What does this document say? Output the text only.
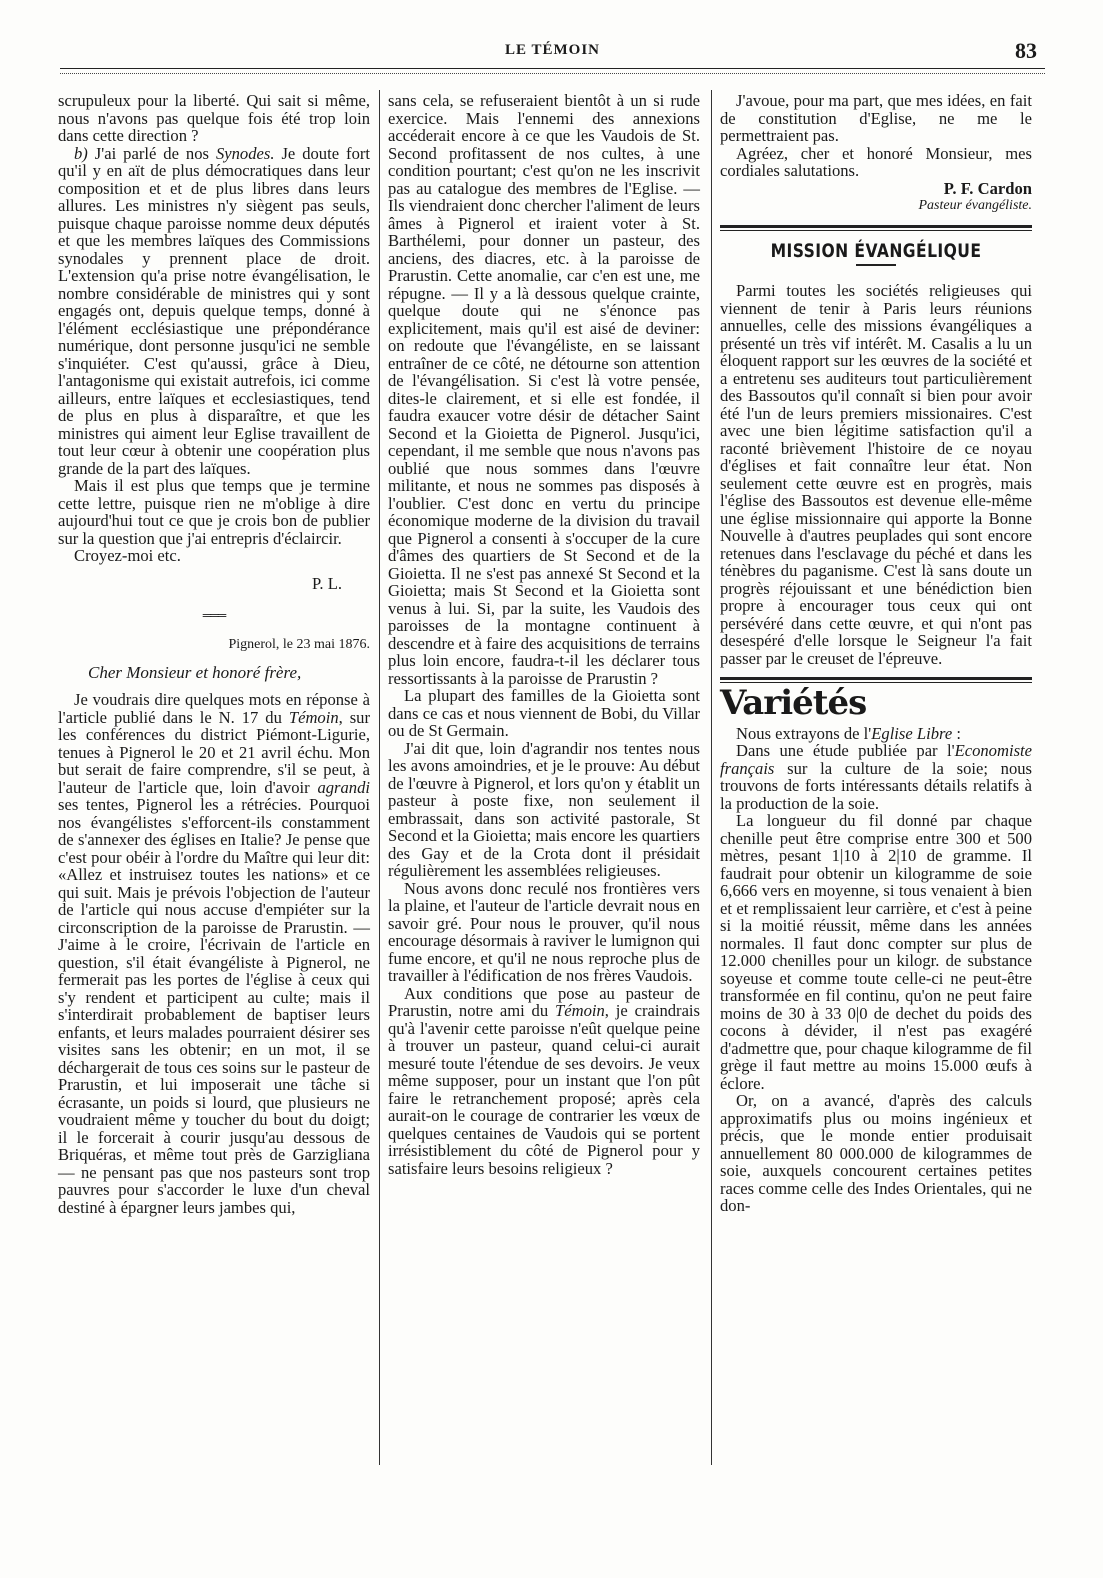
LE TÉMOIN	83

scrupuleux pour la liberté. Qui sait si même, nous n'avons pas quelque fois été trop loin dans cette direction ?

b) J'ai parlé de nos Synodes. Je doute fort qu'il y en aït de plus démocratiques dans leur composition et et de plus libres dans leurs allures. Les ministres n'y siègent pas seuls, puisque chaque paroisse nomme deux députés et que les membres laïques des Commissions synodales y prennent place de droit. L'extension qu'a prise notre évangélisation, le nombre considérable de ministres qui y sont engagés ont, depuis quelque temps, donné à l'élément ecclésiastique une prépondérance numérique, dont personne jusqu'ici ne semble s'inquiéter. C'est qu'aussi, grâce à Dieu, l'antagonisme qui existait autrefois, ici comme ailleurs, entre laïques et ecclesiastiques, tend de plus en plus à disparaître, et que les ministres qui aiment leur Eglise travaillent de tout leur cœur à obtenir une coopération plus grande de la part des laïques.

Mais il est plus que temps que je termine cette lettre, puisque rien ne m'oblige à dire aujourd'hui tout ce que je crois bon de publier sur la question que j'ai entrepris d'éclaircir.

Croyez-moi etc.

P. L.
═══
Pignerol, le 23 mai 1876.
Cher Monsieur et honoré frère,

Je voudrais dire quelques mots en réponse à l'article publié dans le N. 17 du Témoin, sur les conférences du district Piémont-Ligurie, tenues à Pignerol le 20 et 21 avril échu. Mon but serait de faire comprendre, s'il se peut, à l'auteur de l'article que, loin d'avoir agrandi ses tentes, Pignerol les a rétrécies. Pourquoi nos évangélistes s'efforcent-ils constamment de s'annexer des églises en Italie? Je pense que c'est pour obéir à l'ordre du Maître qui leur dit: «Allez et instruisez toutes les nations» et ce qui suit. Mais je prévois l'objection de l'auteur de l'article qui nous accuse d'empiéter sur la circonscription de la paroisse de Prarustin. — J'aime à le croire, l'écrivain de l'article en question, s'il était évangéliste à Pignerol, ne fermerait pas les portes de l'église à ceux qui s'y rendent et participent au culte; mais il s'interdirait probablement de baptiser leurs enfants, et leurs malades pourraient désirer ses visites sans les obtenir; en un mot, il se déchargerait de tous ces soins sur le pasteur de Prarustin, et lui imposerait une tâche si écrasante, un poids si lourd, que plusieurs ne voudraient même y toucher du bout du doigt; il le forcerait à courir jusqu'au dessous de Briquéras, et même tout près de Garzigliana — ne pensant pas que nos pasteurs sont trop pauvres pour s'accorder le luxe d'un cheval destiné à épargner leurs jambes qui,

sans cela, se refuseraient bientôt à un si rude exercice. Mais l'ennemi des annexions accéderait encore à ce que les Vaudois de St. Second profitassent de nos cultes, à une condition pourtant; c'est qu'on ne les inscrivit pas au catalogue des membres de l'Eglise. — Ils viendraient donc chercher l'aliment de leurs âmes à Pignerol et iraient voter à St. Barthélemi, pour donner un pasteur, des anciens, des diacres, etc. à la paroisse de Prarustin. Cette anomalie, car c'en est une, me répugne. — Il y a là dessous quelque crainte, quelque doute qui ne s'énonce pas explicitement, mais qu'il est aisé de deviner: on redoute que l'évangéliste, en se laissant entraîner de ce côté, ne détourne son attention de l'évangélisation. Si c'est là votre pensée, dites-le clairement, et si elle est fondée, il faudra exaucer votre désir de détacher Saint Second et la Gioietta de Pignerol. Jusqu'ici, cependant, il me semble que nous n'avons pas oublié que nous sommes dans l'œuvre militante, et nous ne sommes pas disposés à l'oublier. C'est donc en vertu du principe économique moderne de la division du travail que Pignerol a consenti à s'occuper de la cure d'âmes des quartiers de St Second et de la Gioietta. Il ne s'est pas annexé St Second et la Gioietta; mais St Second et la Gioietta sont venus à lui. Si, par la suite, les Vaudois des paroisses de la montagne continuent à descendre et à faire des acquisitions de terrains plus loin encore, faudra-t-il les déclarer tous ressortissants à la paroisse de Prarustin ?

La plupart des familles de la Gioietta sont dans ce cas et nous viennent de Bobi, du Villar ou de St Germain.

J'ai dit que, loin d'agrandir nos tentes nous les avons amoindries, et je le prouve: Au début de l'œuvre à Pignerol, et lors qu'on y établit un pasteur à poste fixe, non seulement il embrassait, dans son activité pastorale, St Second et la Gioietta; mais encore les quartiers des Gay et de la Crota dont il présidait régulièrement les assemblées religieuses.

Nous avons donc reculé nos frontières vers la plaine, et l'auteur de l'article devrait nous en savoir gré. Pour nous le prouver, qu'il nous encourage désormais à raviver le lumignon qui fume encore, et qu'il ne nous reproche plus de travailler à l'édification de nos frères Vaudois.

Aux conditions que pose au pasteur de Prarustin, notre ami du Témoin, je craindrais qu'à l'avenir cette paroisse n'eût quelque peine à trouver un pasteur, quand celui-ci aurait mesuré toute l'étendue de ses devoirs. Je veux même supposer, pour un instant que l'on pût faire le retranchement proposé; après cela aurait-on le courage de contrarier les vœux de quelques centaines de Vaudois qui se portent irrésistiblement du côté de Pignerol pour y satisfaire leurs besoins religieux ?

J'avoue, pour ma part, que mes idées, en fait de constitution d'Eglise, ne me le permettraient pas.

Agréez, cher et honoré Monsieur, mes cordiales salutations.

P. F. Cardon
Pasteur évangéliste.
MISSION ÉVANGÉLIQUE

Parmi toutes les sociétés religieuses qui viennent de tenir à Paris leurs réunions annuelles, celle des missions évangéliques a présenté un très vif intérêt. M. Casalis a lu un éloquent rapport sur les œuvres de la société et a entretenu ses auditeurs tout particulièrement des Bassoutos qu'il connaît si bien pour avoir été l'un de leurs premiers missionaires. C'est avec une bien légitime satisfaction qu'il a raconté brièvement l'histoire de ce noyau d'églises et fait connaître leur état. Non seulement cette œuvre est en progrès, mais l'église des Bassoutos est devenue elle-même une église missionnaire qui apporte la Bonne Nouvelle à d'autres peuplades qui sont encore retenues dans l'esclavage du péché et dans les ténèbres du paganisme. C'est là sans doute un progrès réjouissant et une bénédiction bien propre à encourager tous ceux qui ont persévéré dans cette œuvre, et qui n'ont pas desespéré d'elle lorsque le Seigneur l'a fait passer par le creuset de l'épreuve.

Variétés

Nous extrayons de l'Eglise Libre :

Dans une étude publiée par l'Economiste français sur la culture de la soie; nous trouvons de forts intéressants détails relatifs à la production de la soie.

La longueur du fil donné par chaque chenille peut être comprise entre 300 et 500 mètres, pesant 1|10 à 2|10 de gramme. Il faudrait pour obtenir un kilogramme de soie 6,666 vers en moyenne, si tous venaient à bien et et remplissaient leur carrière, et c'est à peine si la moitié réussit, même dans les années normales. Il faut donc compter sur plus de 12.000 chenilles pour un kilogr. de substance soyeuse et comme toute celle-ci ne peut-être transformée en fil continu, qu'on ne peut faire moins de 30 à 33 0|0 de dechet du poids des cocons à dévider, il n'est pas exagéré d'admettre que, pour chaque kilogramme de fil grège il faut mettre au moins 15.000 œufs à éclore.

Or, on a avancé, d'après des calculs approximatifs plus ou moins ingénieux et précis, que le monde entier produisait annuellement 80 000.000 de kilogrammes de soie, auxquels concourent certaines petites races comme celle des Indes Orientales, qui ne don-
